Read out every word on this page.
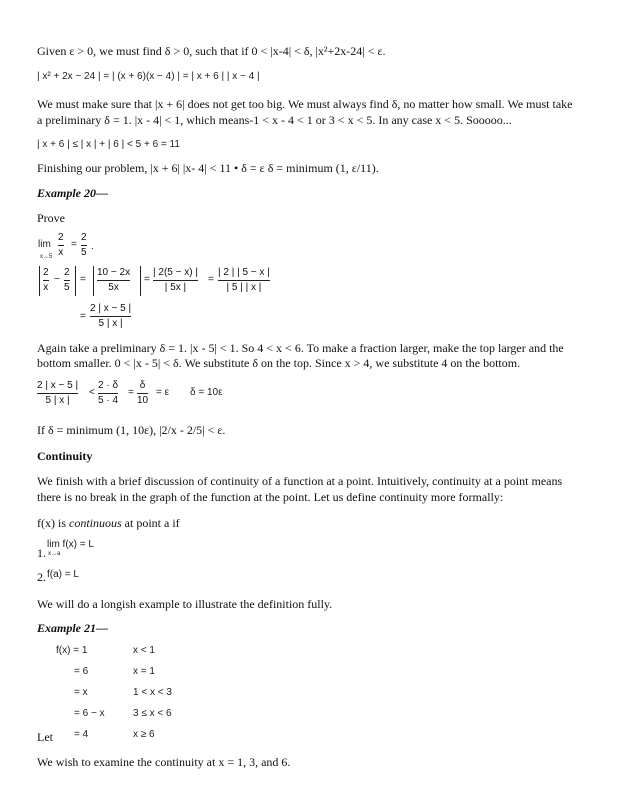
Given ε > 0, we must find δ > 0, such that if 0 < |x-4| < δ, |x²+2x-24| < ε.
| x² + 2x − 24 | = | (x + 6)(x − 4) | = | x + 6 | | x − 4 |
We must make sure that |x + 6| does not get too big. We must always find δ, no matter how small. We must take
a preliminary δ = 1. |x - 4| < 1, which means-1 < x - 4 < 1 or 3 < x < 5. In any case x < 5. Sooooo...
| x + 6 | ≤ | x | + | 6 | < 5 + 6 = 11
Finishing our problem, |x + 6| |x- 4| < 11 • δ = ε δ = minimum (1, ε/11).
Example 20—
Prove
lim
x→5
2
x
=
2
5
.
2
x
−
2
5
=
10 − 2x
5x
=
| 2(5 − x) |
| 5x |
=
| 2 | | 5 − x |
| 5 | | x |
=
2 | x − 5 |
5 | x |
Again take a preliminary δ = 1. |x - 5| < 1. So 4 < x < 6. To make a fraction larger, make the top larger and the
bottom smaller. 0 < |x - 5| < δ. We substitute δ on the top. Since x > 4, we substitute 4 on the bottom.
2 | x − 5 |
5 | x |
<
2 · δ
5 · 4
=
δ
10
= ε δ = 10ε
If δ = minimum (1, 10ε), |2/x - 2/5| < ε.
Continuity
We finish with a brief discussion of continuity of a function at a point. Intuitively, continuity at a point means
there is no break in the graph of the function at the point. Let us define continuity more formally:
f(x) is continuous at point a if
1.
lim f(x) = L
x→a
2. f(a) = L
We will do a longish example to illustrate the definition fully.
Example 21—
f(x) = 1	x < 1
= 6	x = 1
= x	1 < x < 3
= 6 − x	3 ≤ x < 6
Let = 4	x ≥ 6
We wish to examine the continuity at x = 1, 3, and 6.
